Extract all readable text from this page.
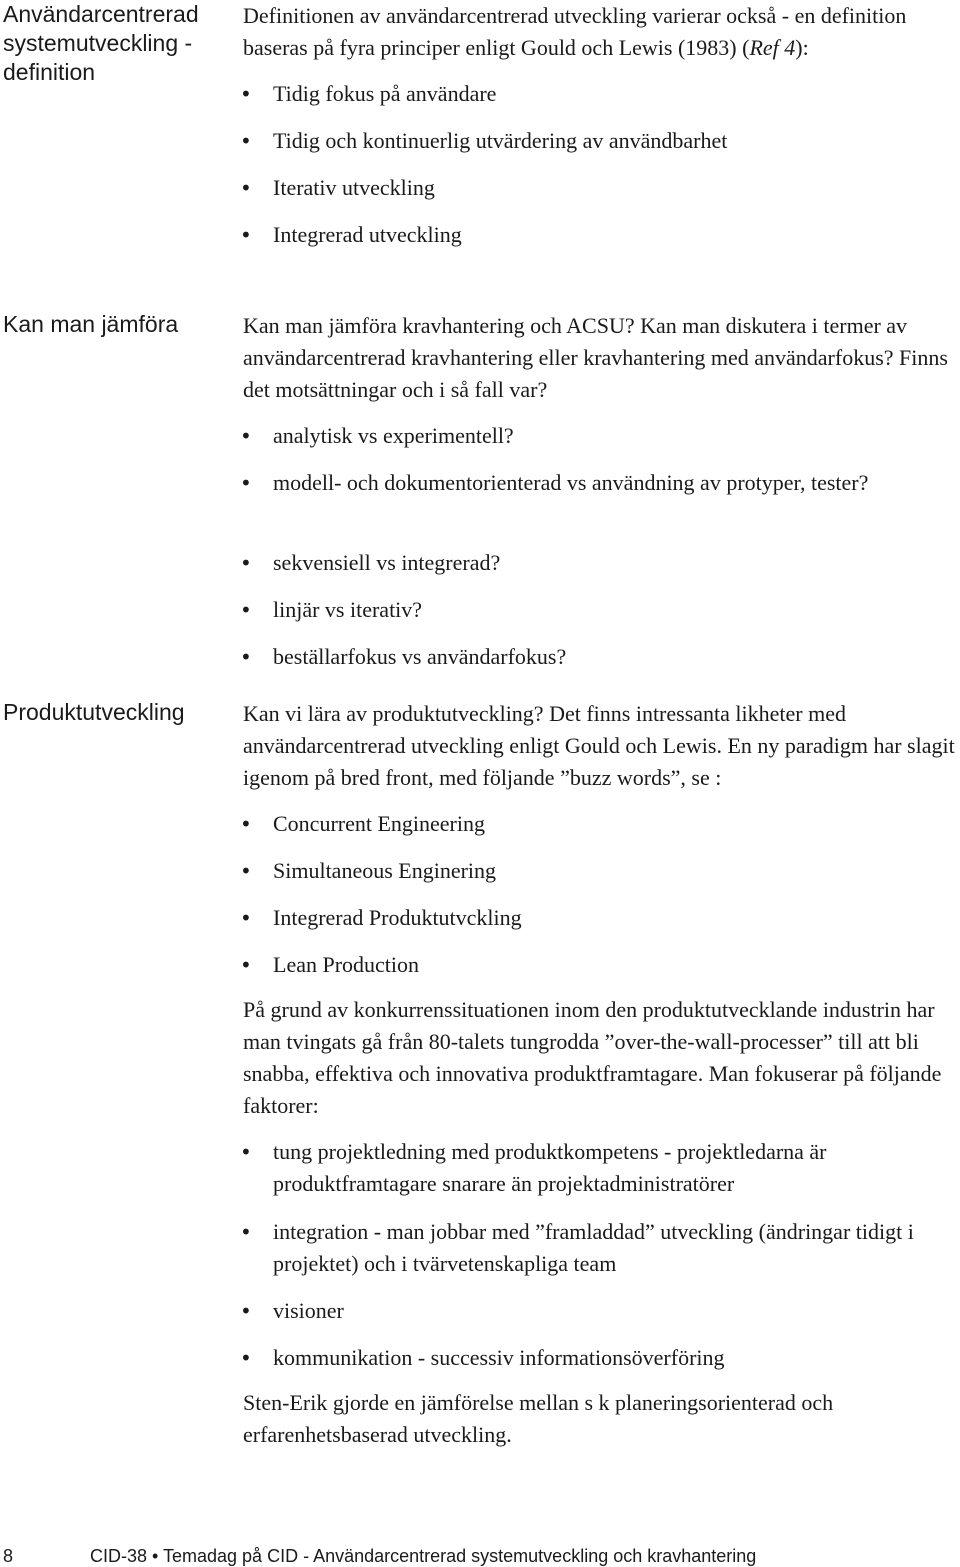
Användarcentrerad systemutveckling - definition

Definitionen av användarcentrerad utveckling varierar också - en definition baseras på fyra principer enligt Gould och Lewis (1983) (Ref 4):

• Tidig fokus på användare
• Tidig och kontinuerlig utvärdering av användbarhet
• Iterativ utveckling
• Integrerad utveckling
Kan man jämföra	Kan man jämföra kravhantering och ACSU? Kan man diskutera i termer av användarcentrerad kravhantering eller kravhantering med användarfokus? Finns det motsättningar och i så fall var?

• analytisk vs experimentell?
• modell- och dokumentorienterad vs användning av protyper, tester?
• sekvensiell vs integrerad?
• linjär vs iterativ?
• beställarfokus vs användarfokus?
Produktutveckling	Kan vi lära av produktutveckling? Det finns intressanta likheter med användarcentrerad utveckling enligt Gould och Lewis. En ny paradigm har slagit igenom på bred front, med följande ”buzz words”, se :

• Concurrent Engineering
• Simultaneous Enginering
• Integrerad Produktutvckling
• Lean Production

På grund av konkurrenssituationen inom den produktutvecklande industrin har man tvingats gå från 80-talets tungrodda ”over-the-wall-processer” till att bli snabba, effektiva och innovativa produktframtagare. Man fokuserar på följande faktorer:

• tung projektledning med produktkompetens - projektledarna är produktframtagare snarare än projektadministratörer
• integration - man jobbar med ”framladdad” utveckling (ändringar tidigt i projektet) och i tvärvetenskapliga team
• visioner
• kommunikation - successiv informationsöverföring

Sten-Erik gjorde en jämförelse mellan s k planeringsorienterad och erfarenhetsbaserad utveckling.

8	CID-38 • Temadag på CID - Användarcentrerad systemutveckling och kravhantering
